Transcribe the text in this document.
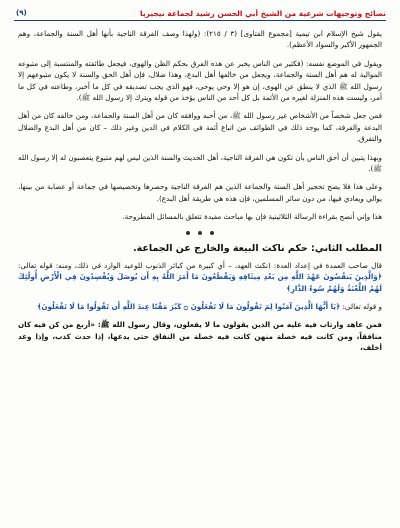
نصائح وتوجيهات شرعية من الشيخ أبي الحسن رشيد لجماعة نيجيريا
(٩)

يقول شيخ الإسلام ابن تيمية [مجموع الفتاوى] (٣ / ٢١٥): (ولهذا وصف الفرقة الناجية بأنها أهل السنة والجماعة، وهم الجمهور الأكبر والسواد الأعظم).

ويقول في الموضع نفسه: (فكثير من الناس يخبر عن هذه الفرق بحكم الظن والهوى، فيجعل طائفته والمنتسبة إلى متبوعه الموالية له هم أهل السنة والجماعة، ويجعل من خالفها أهل البدع، وهذا ضلال، فإن أهل الحق والسنة لا يكون متبوعهم إلا رسول الله ﷺ الذي لا ينطق عن الهوى، إن هو إلا وحي يوحى، فهو الذي يجب تصديقه في كل ما أخبر، وطاعته في كل ما أمر، وليست هذه المنزلة لغيره من الأئمة بل كل أحد من الناس يؤخذ من قوله ويترك إلا رسول الله ﷺ).

فمن جعل شخصاً من الأشخاص غير رسول الله ﷺ، من أحبه ووافقه كان من أهل السنة والجماعة، ومن خالفه كان من أهل البدعة والفرقة، كما يوجد ذلك في الطوائف من اتباع أئمة في الكلام في الدين وغير ذلك – كان من أهل البدع والضلال والتفرق.

وبهذا يتبين أن أحق الناس بأن تكون هي الفرقة الناجية، أهل الحديث والسنة الذين ليس لهم متبوع يتعصبون له إلا رسول الله ﷺ).

وعلى هذا فلا يصح تحجير أهل السنة والجماعة الذين هم الفرقة الناجية وحصرها وتخصيصها في جماعة أو عصابة من بينها، يوالي ويعادي فيها، من دون سائر المسلمين، فإن هذه هي طريقة أهل البدع).

هذا وإني أنصح بقراءة الرسالة الثلاثينية فإن بها مباحث مفيدة تتعلق بالمسائل المطروحة.

المطلب الثاني: حكم ناكث البيعة والخارج عن الجماعة.

قال صاحب العمدة في إعداد العدة: (نكث العهد، – أي كبيرة من كبائر الذنوب للوعيد الوارد في ذلك، ومنه: قوله تعالى: ﴿وَالَّذِينَ يَنقُضُونَ عَهْدَ اللَّهِ مِن بَعْدِ مِيثَاقِهِ وَيَقْطَعُونَ مَا أَمَرَ اللَّهُ بِهِ أَن يُوصَلَ وَيُفْسِدُونَ فِي الْأَرْضِ أُولَٰئِكَ لَهُمُ اللَّعْنَةُ وَلَهُمْ سُوءُ الدَّارِ﴾

و قوله تعالى: ﴿يَا أَيُّهَا الَّذِينَ آمَنُوا لِمَ تَقُولُونَ مَا لَا تَفْعَلُونَ ۝ كَبُرَ مَقْتًا عِندَ اللَّهِ أَن تَقُولُوا مَا لَا تَفْعَلُونَ﴾

فمن عاهد وارتاب فيه عليه من الذين يقولون ما لا يفعلون، وقال رسول الله ﷺ: «أربع من كن فيه كان منافقاً، ومن كانت فيه خصلة منهن كانت فيه خصلة من النفاق حتى يدعها، إذا حدث كذب، وإذا وعد أخلف،
